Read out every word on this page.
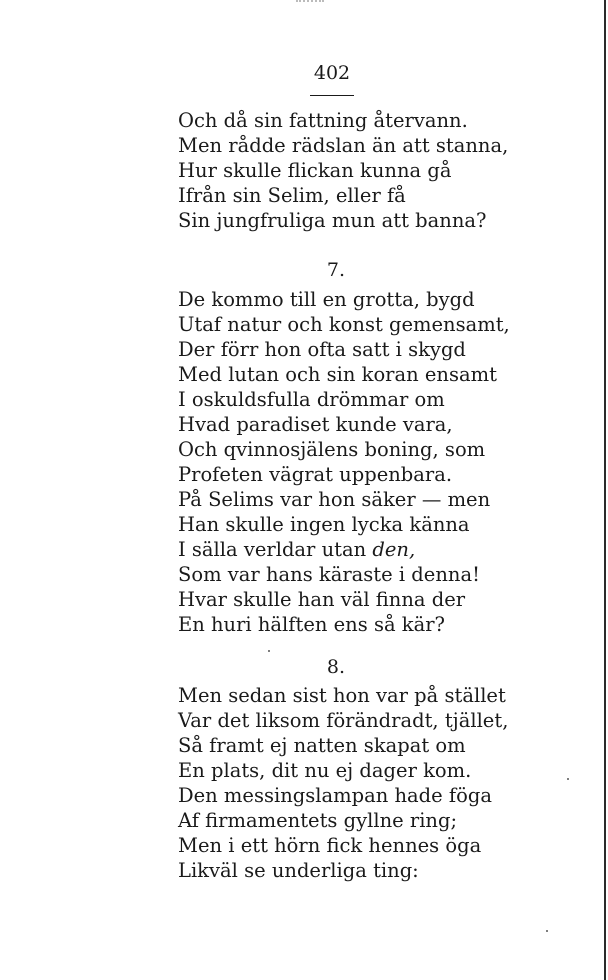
402
Och då sin fattning återvann.
Men rådde rädslan än att stanna,
Hur skulle flickan kunna gå
Ifrån sin Selim, eller få
Sin jungfruliga mun att banna?
7.
De kommo till en grotta, bygd
Utaf natur och konst gemensamt,
Der förr hon ofta satt i skygd
Med lutan och sin koran ensamt
I oskuldsfulla drömmar om
Hvad paradiset kunde vara,
Och qvinnosjälens boning, som
Profeten vägrat uppenbara.
På Selims var hon säker — men
Han skulle ingen lycka känna
I sälla verldar utan den,
Som var hans käraste i denna!
Hvar skulle han väl finna der
En huri hälften ens så kär?
8.
Men sedan sist hon var på stället
Var det liksom förändradt, tjället,
Så framt ej natten skapat om
En plats, dit nu ej dager kom.
Den messingslampan hade föga
Af firmamentets gyllne ring;
Men i ett hörn fick hennes öga
Likväl se underliga ting:
